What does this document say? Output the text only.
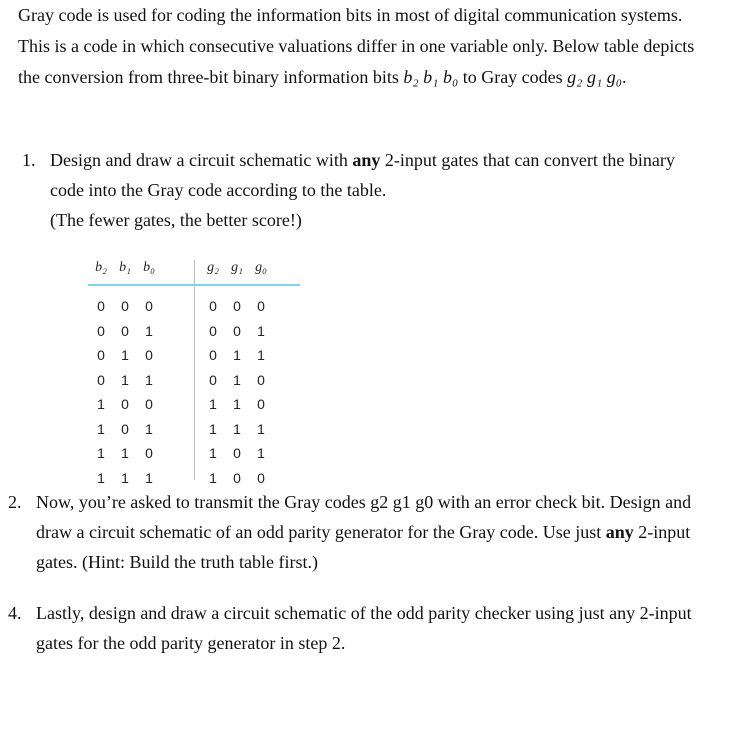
Gray code is used for coding the information bits in most of digital communication systems. This is a code in which consecutive valuations differ in one variable only. Below table depicts the conversion from three-bit binary information bits b₂ b₁ b₀ to Gray codes g₂ g₁ g₀.
1. Design and draw a circuit schematic with any 2-input gates that can convert the binary code into the Gray code according to the table.
(The fewer gates, the better score!)
b₂ b₁ b₀	g₂ g₁ g₀
0 0 0	0 0 0
0 0 1	0 0 1
0 1 0	0 1 1
0 1 1	0 1 0
1 0 0	1 1 0
1 0 1	1 1 1
1 1 0	1 0 1
1 1 1	1 0 0
2. Now, you’re asked to transmit the Gray codes g2 g1 g0 with an error check bit. Design and draw a circuit schematic of an odd parity generator for the Gray code. Use just any 2-input gates. (Hint: Build the truth table first.)
4. Lastly, design and draw a circuit schematic of the odd parity checker using just any 2-input gates for the odd parity generator in step 2.
